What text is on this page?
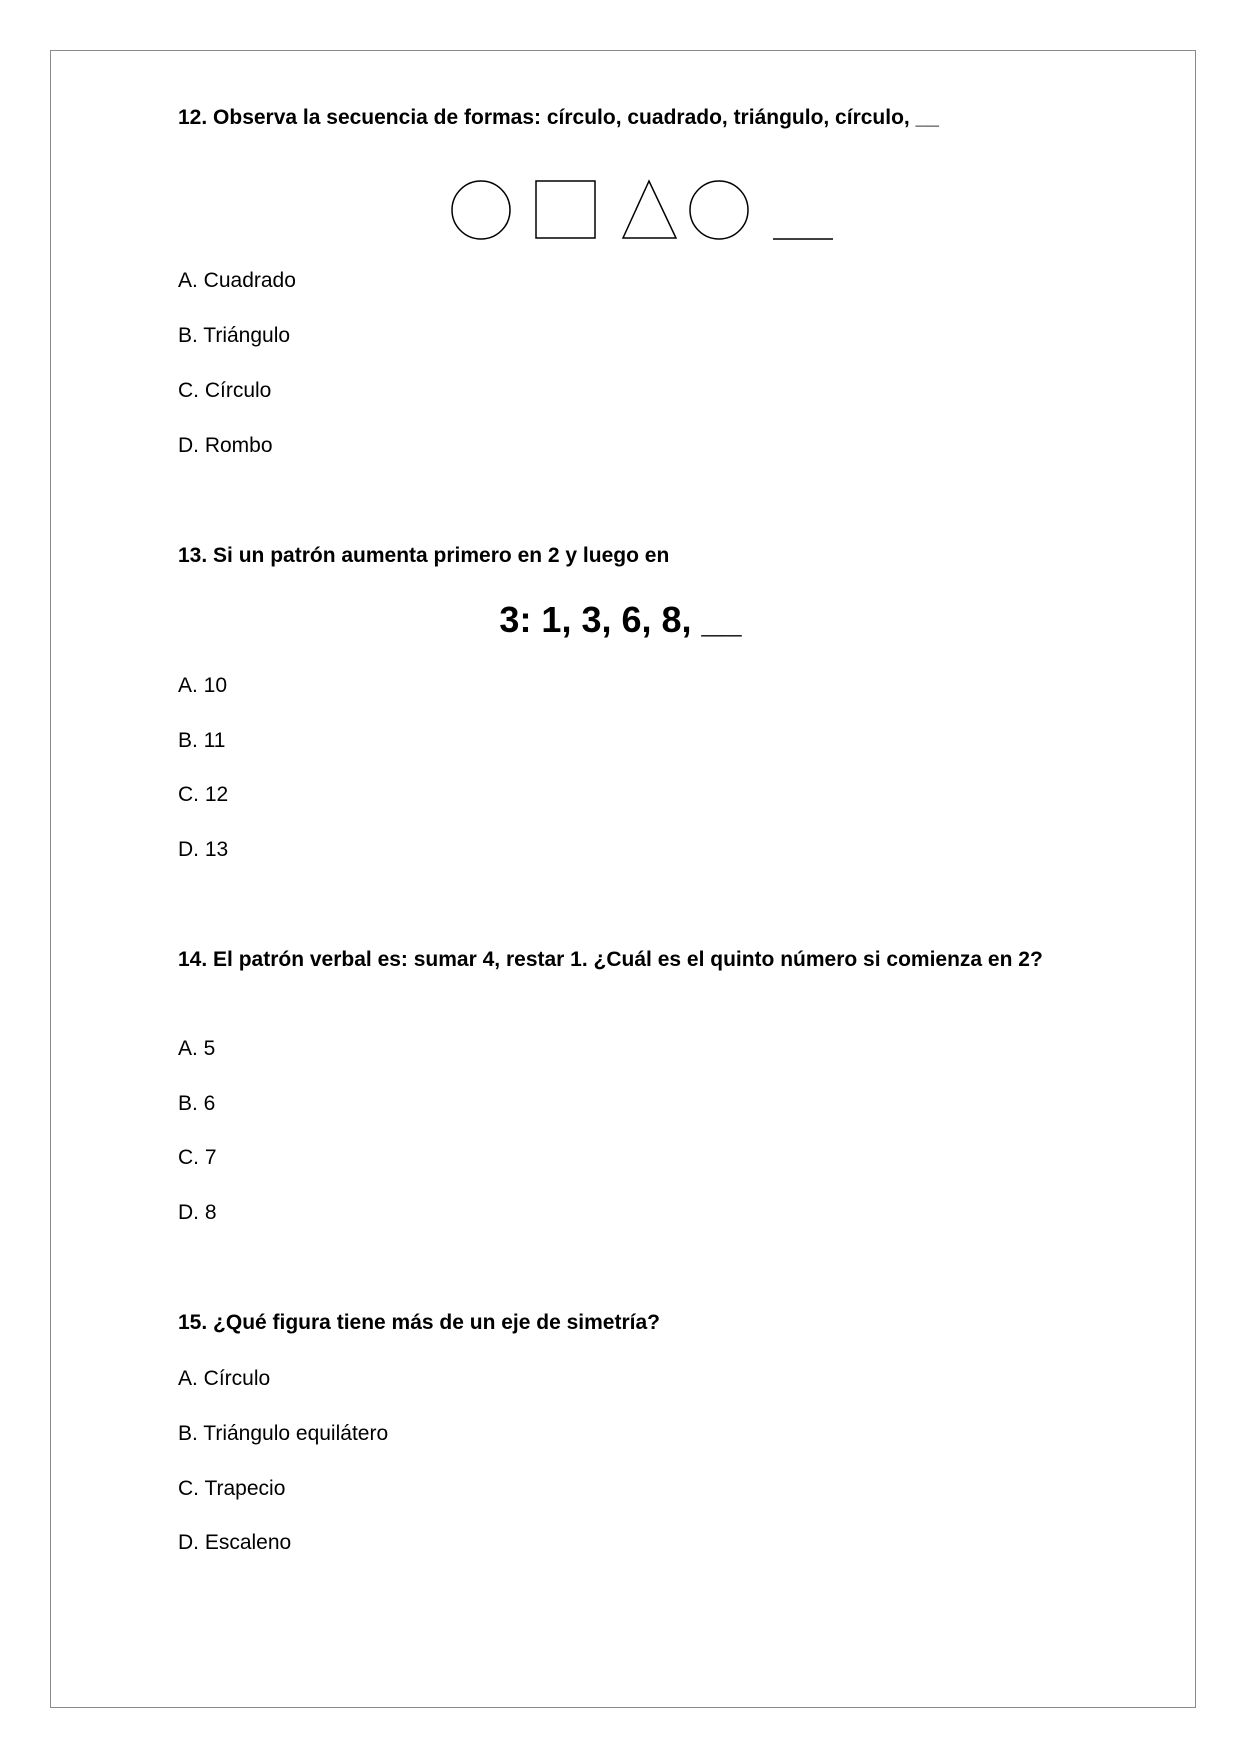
12. Observa la secuencia de formas: círculo, cuadrado, triángulo, círculo, __
A. Cuadrado
B. Triángulo
C. Círculo
D. Rombo
13. Si un patrón aumenta primero en 2 y luego en
3: 1, 3, 6, 8, __
A. 10
B. 11
C. 12
D. 13
14. El patrón verbal es: sumar 4, restar 1. ¿Cuál es el quinto número si comienza en 2?
A. 5
B. 6
C. 7
D. 8
15. ¿Qué figura tiene más de un eje de simetría?
A. Círculo
B. Triángulo equilátero
C. Trapecio
D. Escaleno
